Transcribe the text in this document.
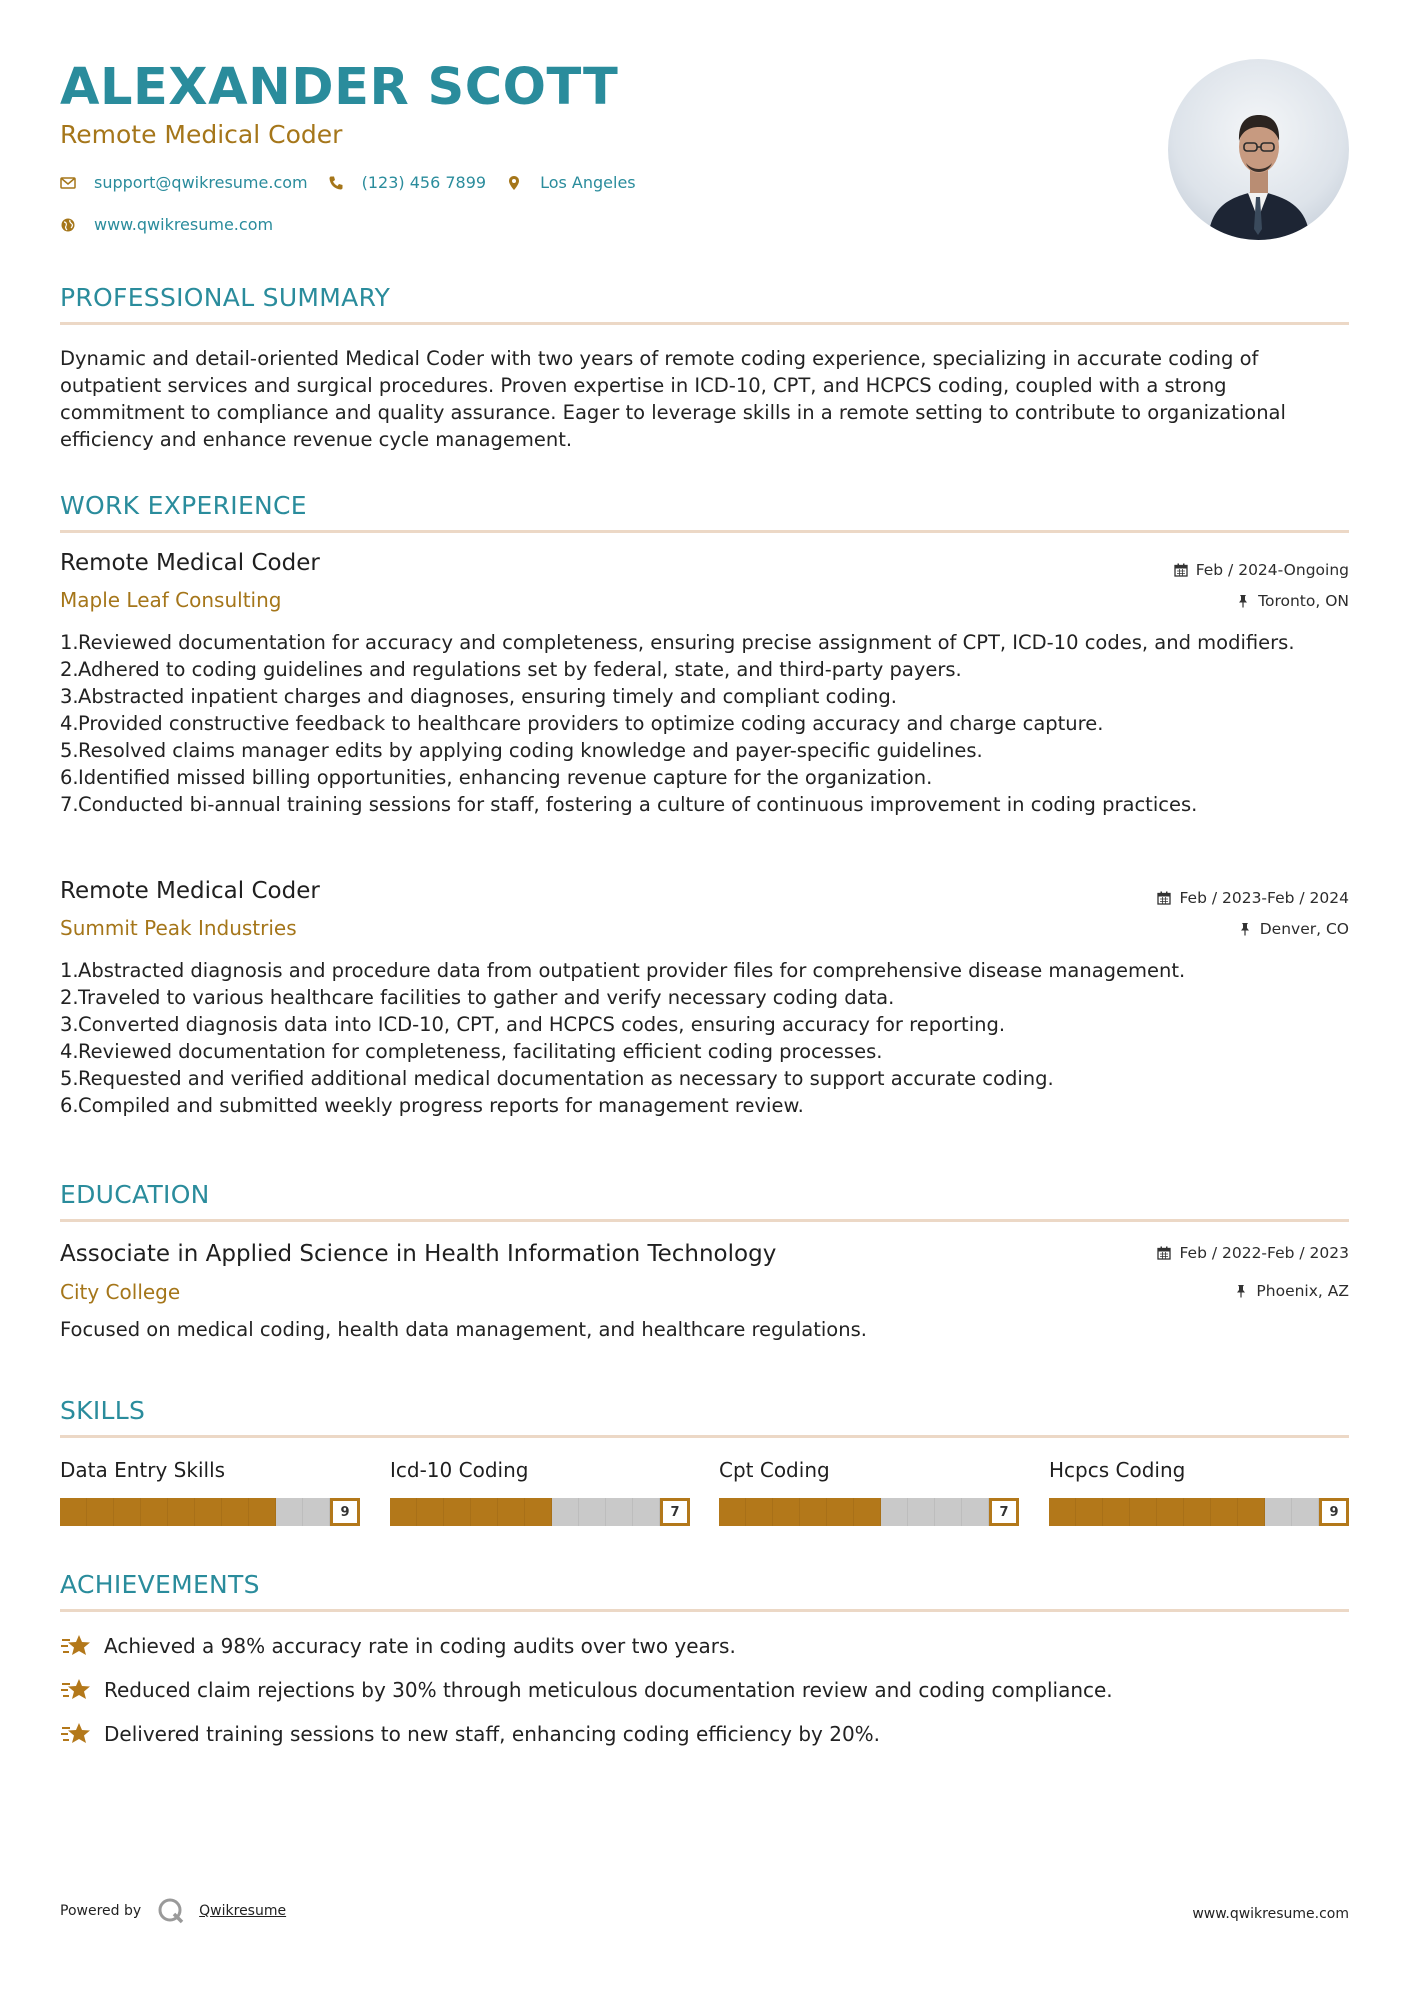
ALEXANDER SCOTT
Remote Medical Coder
support@qwikresume.com	(123) 456 7899	Los Angeles
www.qwikresume.com
PROFESSIONAL SUMMARY
Dynamic and detail-oriented Medical Coder with two years of remote coding experience, specializing in accurate coding of outpatient services and surgical procedures. Proven expertise in ICD-10, CPT, and HCPCS coding, coupled with a strong commitment to compliance and quality assurance. Eager to leverage skills in a remote setting to contribute to organizational efficiency and enhance revenue cycle management.
WORK EXPERIENCE
Remote Medical Coder
Maple Leaf Consulting
Feb / 2024-Ongoing
Toronto, ON
1. Reviewed documentation for accuracy and completeness, ensuring precise assignment of CPT, ICD-10 codes, and modifiers.
2. Adhered to coding guidelines and regulations set by federal, state, and third-party payers.
3. Abstracted inpatient charges and diagnoses, ensuring timely and compliant coding.
4. Provided constructive feedback to healthcare providers to optimize coding accuracy and charge capture.
5. Resolved claims manager edits by applying coding knowledge and payer-specific guidelines.
6. Identified missed billing opportunities, enhancing revenue capture for the organization.
7. Conducted bi-annual training sessions for staff, fostering a culture of continuous improvement in coding practices.
Remote Medical Coder
Summit Peak Industries
Feb / 2023-Feb / 2024
Denver, CO
1. Abstracted diagnosis and procedure data from outpatient provider files for comprehensive disease management.
2. Traveled to various healthcare facilities to gather and verify necessary coding data.
3. Converted diagnosis data into ICD-10, CPT, and HCPCS codes, ensuring accuracy for reporting.
4. Reviewed documentation for completeness, facilitating efficient coding processes.
5. Requested and verified additional medical documentation as necessary to support accurate coding.
6. Compiled and submitted weekly progress reports for management review.
EDUCATION
Associate in Applied Science in Health Information Technology
City College
Feb / 2022-Feb / 2023
Phoenix, AZ
Focused on medical coding, health data management, and healthcare regulations.
SKILLS
Data Entry Skills
9
Icd-10 Coding
7
Cpt Coding
7
Hcpcs Coding
9
ACHIEVEMENTS
Achieved a 98% accuracy rate in coding audits over two years.
Reduced claim rejections by 30% through meticulous documentation review and coding compliance.
Delivered training sessions to new staff, enhancing coding efficiency by 20%.
Powered by	Qwikresume	www.qwikresume.com
